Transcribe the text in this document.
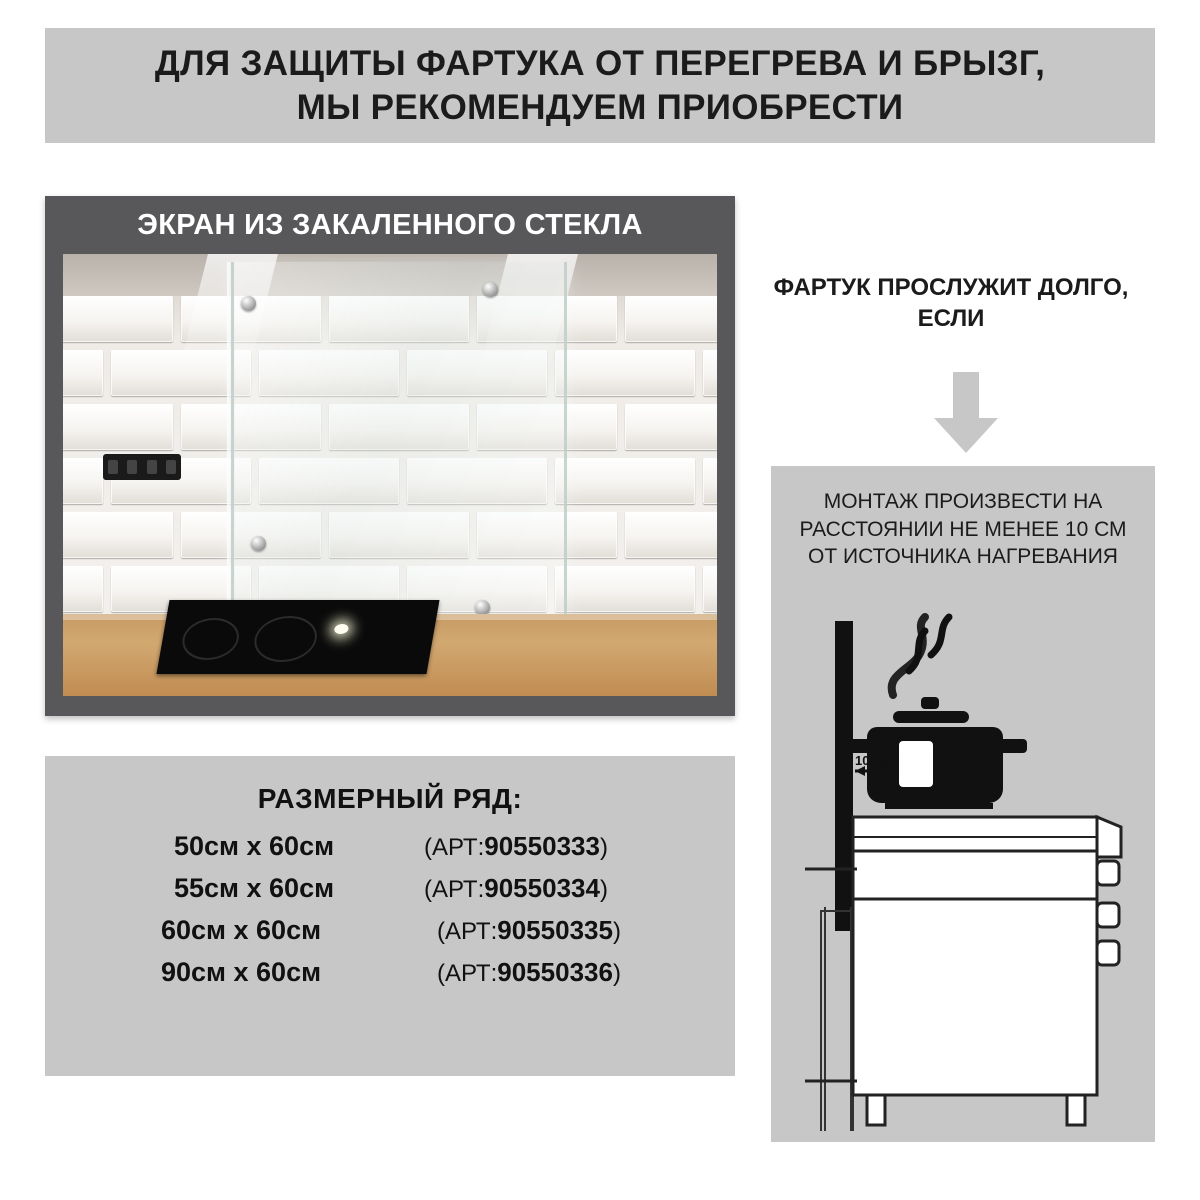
ДЛЯ ЗАЩИТЫ ФАРТУКА ОТ ПЕРЕГРЕВА И БРЫЗГ,
МЫ РЕКОМЕНДУЕМ ПРИОБРЕСТИ
ЭКРАН ИЗ ЗАКАЛЕННОГО СТЕКЛА
ФАРТУК ПРОСЛУЖИТ ДОЛГО,
ЕСЛИ
МОНТАЖ ПРОИЗВЕСТИ НА
РАССТОЯНИИ НЕ МЕНЕЕ 10 СМ
ОТ ИСТОЧНИКА НАГРЕВАНИЯ
10 СМ
РАЗМЕРНЫЙ РЯД:
50см x 60см	(АРТ:90550333)
55см x 60см	(АРТ:90550334)
60см x 60см	(АРТ:90550335)
90см x 60см	(АРТ:90550336)
